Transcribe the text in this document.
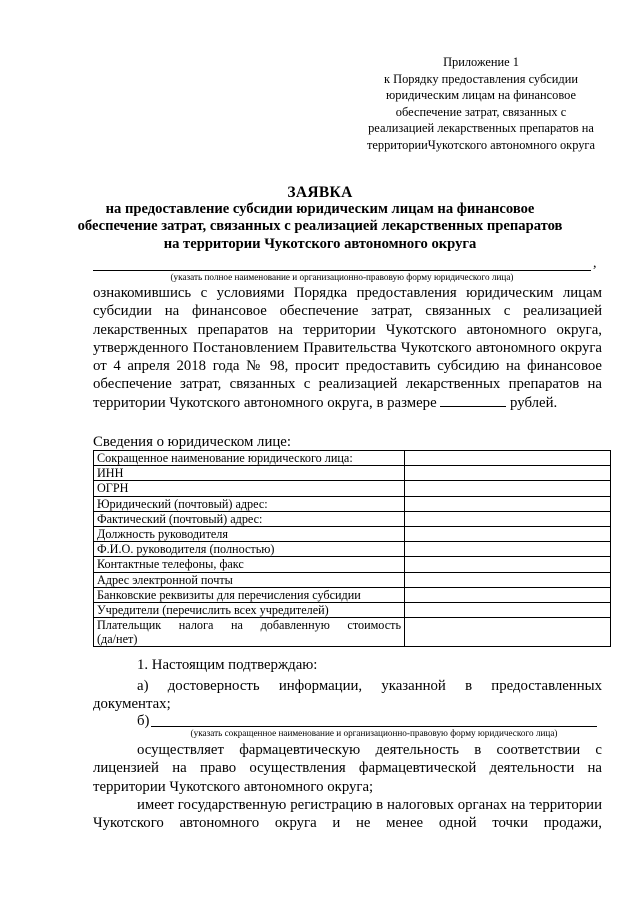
Приложение 1
к Порядку предоставления субсидии
юридическим лицам на финансовое
обеспечение затрат, связанных с
реализацией лекарственных препаратов на
территорииЧукотского автономного округа
ЗАЯВКА
на предоставление субсидии юридическим лицам на финансовое
обеспечение затрат, связанных с реализацией лекарственных препаратов
на территории Чукотского автономного округа
,
(указать полное наименование и организационно-правовую форму юридического лица)
ознакомившись с условиями Порядка предоставления юридическим лицам субсидии на финансовое обеспечение затрат, связанных с реализацией лекарственных препаратов на территории Чукотского автономного округа, утвержденного Постановлением Правительства Чукотского автономного округа от 4 апреля 2018 года № 98, просит предоставить субсидию на финансовое обеспечение затрат, связанных с реализацией лекарственных препаратов на территории Чукотского автономного округа, в размере	рублей.
Сведения о юридическом лице:
Сокращенное наименование юридического лица:	
ИНН	
ОГРН	
Юридический (почтовый) адрес:	
Фактический (почтовый) адрес:	
Должность руководителя	
Ф.И.О. руководителя (полностью)	
Контактные телефоны, факс	
Адрес электронной почты	
Банковские реквизиты для перечисления субсидии	
Учредители (перечислить всех учредителей)	

Плательщик налога на добавленную стоимость
(да/нет)	

1. Настоящим подтверждаю:
а) достоверность информации, указанной в предоставленных
документах;
б)
(указать сокращенное наименование и организационно-правовую форму юридического лица)
осуществляет фармацевтическую деятельность в соответствии с лицензией на право осуществления фармацевтической деятельности на территории Чукотского автономного округа;
имеет государственную регистрацию в налоговых органах на территории
Чукотского автономного округа и не менее одной точки продажи,
